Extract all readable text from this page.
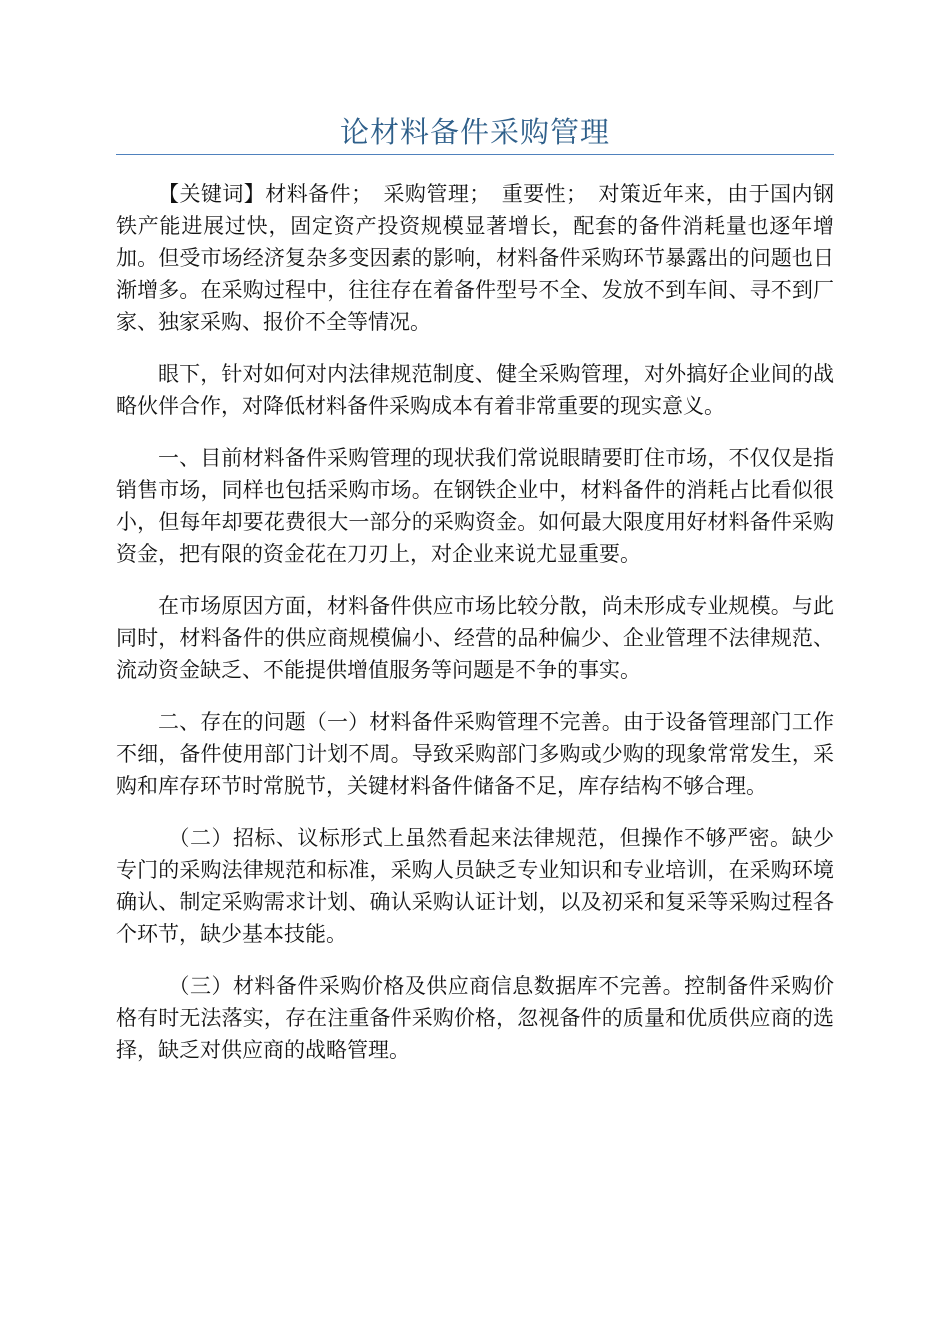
论材料备件采购管理

【关键词】材料备件；　采购管理；　重要性；　对策近年来，由于国内钢铁产能进展过快，固定资产投资规模显著增长，配套的备件消耗量也逐年增加。但受市场经济复杂多变因素的影响，材料备件采购环节暴露出的问题也日渐增多。在采购过程中，往往存在着备件型号不全、发放不到车间、寻不到厂家、独家采购、报价不全等情况。

眼下，针对如何对内法律规范制度、健全采购管理，对外搞好企业间的战略伙伴合作，对降低材料备件采购成本有着非常重要的现实意义。

一、目前材料备件采购管理的现状我们常说眼睛要盯住市场，不仅仅是指销售市场，同样也包括采购市场。在钢铁企业中，材料备件的消耗占比看似很小，但每年却要花费很大一部分的采购资金。如何最大限度用好材料备件采购资金，把有限的资金花在刀刃上，对企业来说尤显重要。

在市场原因方面，材料备件供应市场比较分散，尚未形成专业规模。与此同时，材料备件的供应商规模偏小、经营的品种偏少、企业管理不法律规范、流动资金缺乏、不能提供增值服务等问题是不争的事实。

二、存在的问题（一）材料备件采购管理不完善。由于设备管理部门工作不细，备件使用部门计划不周。导致采购部门多购或少购的现象常常发生，采购和库存环节时常脱节，关键材料备件储备不足，库存结构不够合理。

（二）招标、议标形式上虽然看起来法律规范，但操作不够严密。缺少专门的采购法律规范和标准，采购人员缺乏专业知识和专业培训，在采购环境确认、制定采购需求计划、确认采购认证计划，以及初采和复采等采购过程各个环节，缺少基本技能。

（三）材料备件采购价格及供应商信息数据库不完善。控制备件采购价格有时无法落实，存在注重备件采购价格，忽视备件的质量和优质供应商的选择，缺乏对供应商的战略管理。
